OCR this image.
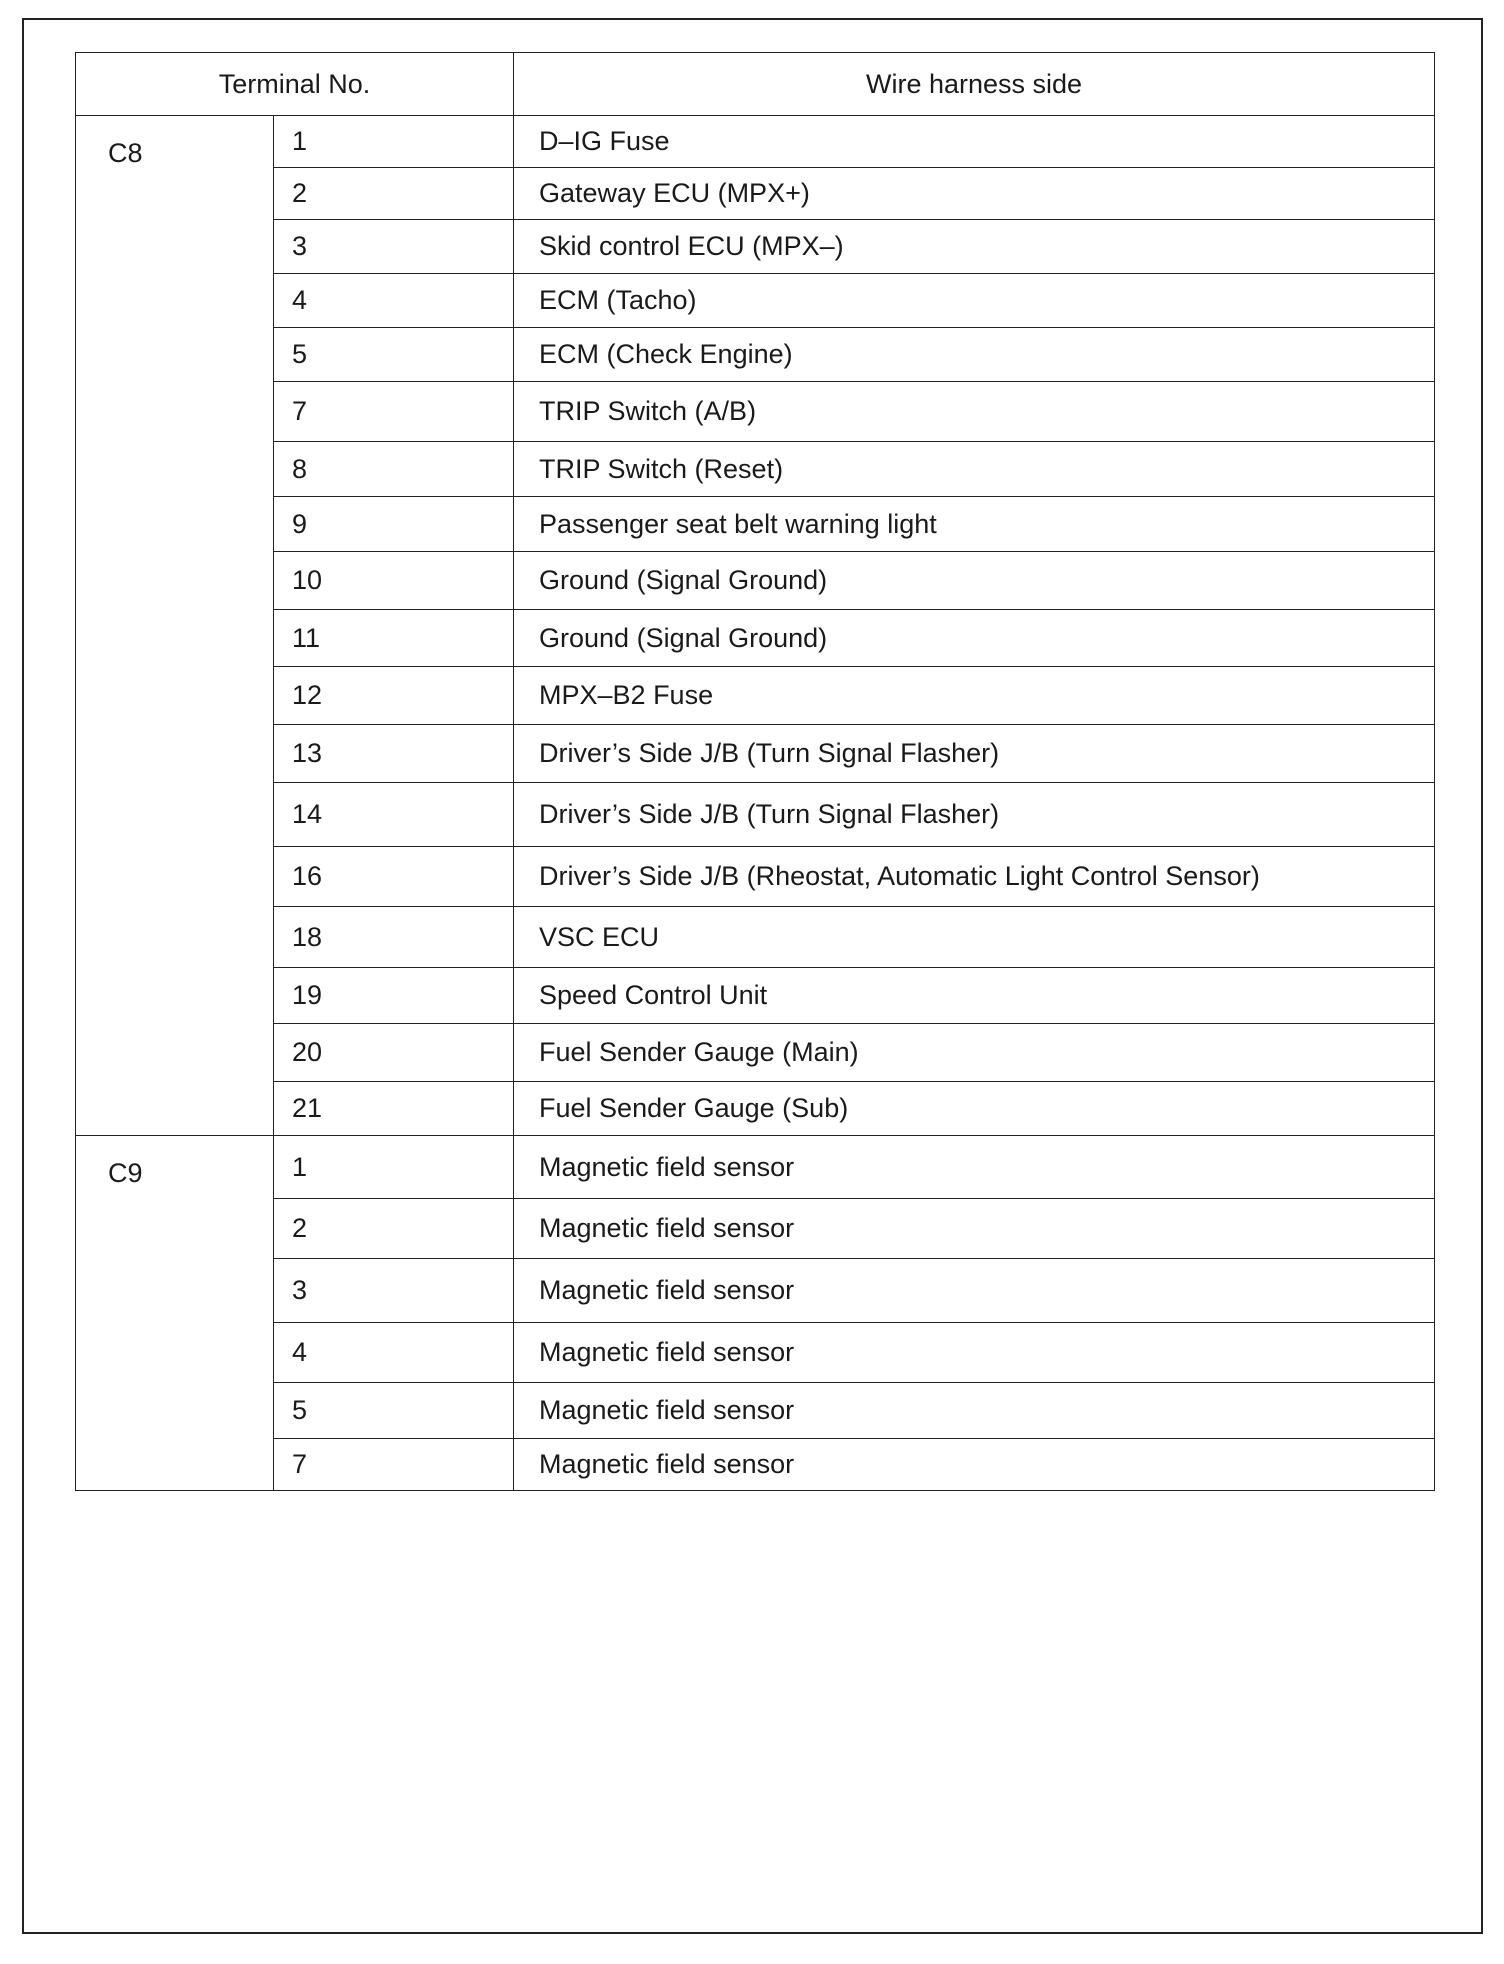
Terminal No.		Wire harness side
C8	1	D–IG Fuse
	2	Gateway ECU (MPX+)
	3	Skid control ECU (MPX–)
	4	ECM (Tacho)
	5	ECM (Check Engine)
	7	TRIP Switch (A/B)
	8	TRIP Switch (Reset)
	9	Passenger seat belt warning light
	10	Ground (Signal Ground)
	11	Ground (Signal Ground)
	12	MPX–B2 Fuse
	13	Driver’s Side J/B (Turn Signal Flasher)
	14	Driver’s Side J/B (Turn Signal Flasher)
	16	Driver’s Side J/B (Rheostat, Automatic Light Control Sensor)
	18	VSC ECU
	19	Speed Control Unit
	20	Fuel Sender Gauge (Main)
	21	Fuel Sender Gauge (Sub)
C9	1	Magnetic field sensor
	2	Magnetic field sensor
	3	Magnetic field sensor
	4	Magnetic field sensor
	5	Magnetic field sensor
	7	Magnetic field sensor
